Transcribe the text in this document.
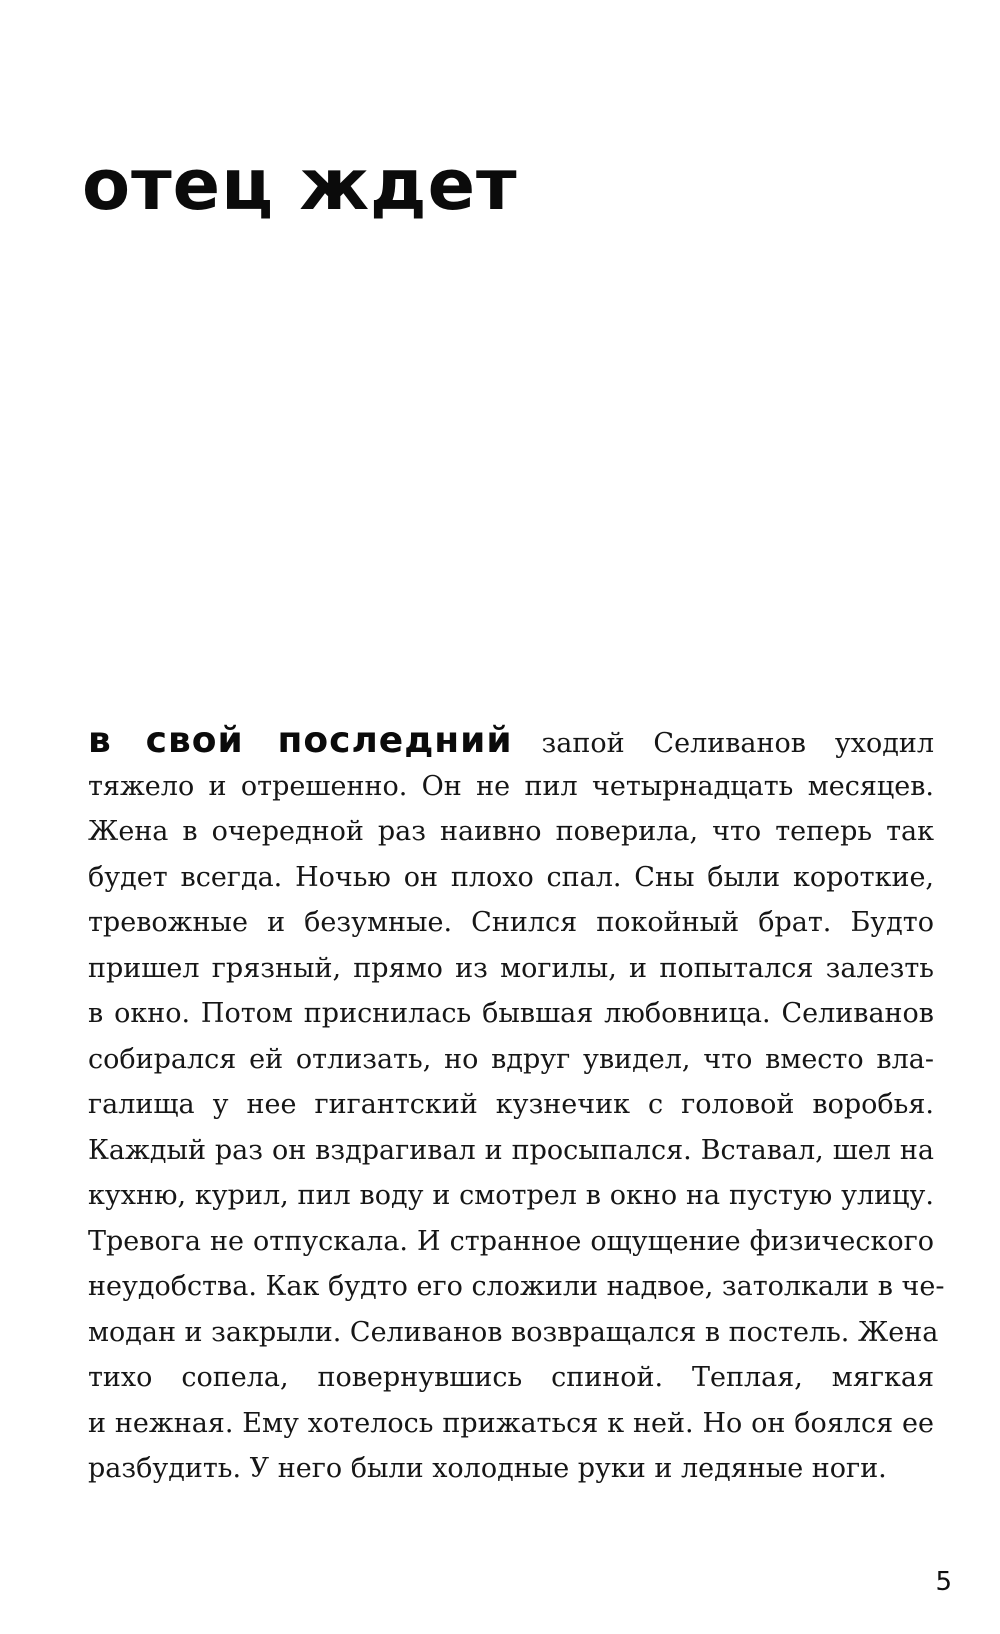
отец ждет
в свой последний запой Селиванов уходил
тяжело и отрешенно. Он не пил четырнадцать месяцев.
Жена в очередной раз наивно поверила, что теперь так
будет всегда. Ночью он плохо спал. Сны были короткие,
тревожные и безумные. Снился покойный брат. Будто
пришел грязный, прямо из могилы, и попытался залезть
в окно. Потом приснилась бывшая любовница. Селиванов
собирался ей отлизать, но вдруг увидел, что вместо вла-
галища у нее гигантский кузнечик с головой воробья.
Каждый раз он вздрагивал и просыпался. Вставал, шел на
кухню, курил, пил воду и смотрел в окно на пустую улицу.
Тревога не отпускала. И странное ощущение физического
неудобства. Как будто его сложили надвое, затолкали в че-
модан и закрыли. Селиванов возвращался в постель. Жена
тихо сопела, повернувшись спиной. Теплая, мягкая
и нежная. Ему хотелось прижаться к ней. Но он боялся ее
разбудить. У него были холодные руки и ледяные ноги.
5
